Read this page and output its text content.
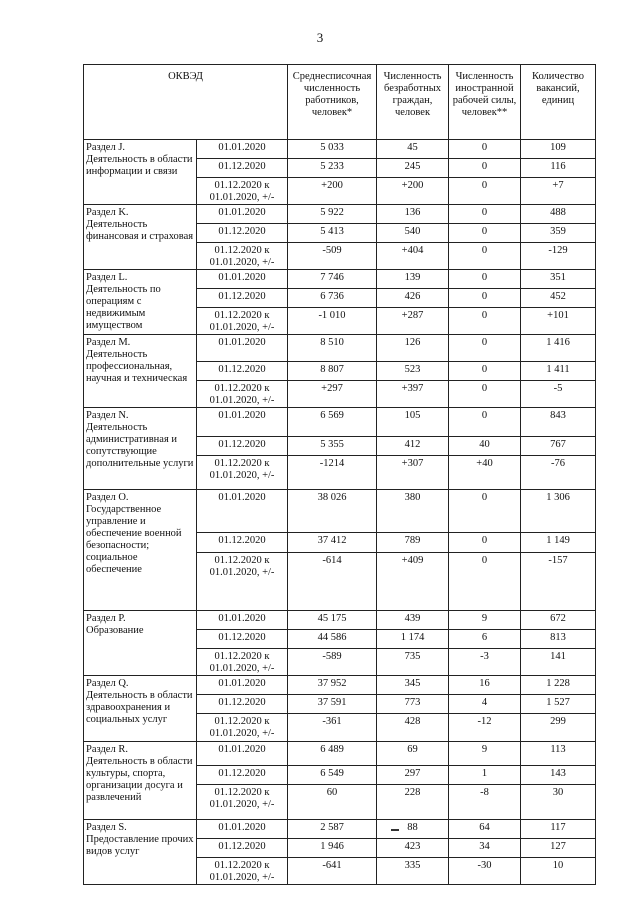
3
ОКВЭД		Среднесписочная численность работников, человек*	Численность безработных граждан, человек	Численность иностранной рабочей силы, человек**	Количество вакансий, единиц
Раздел J.
Деятельность в области информации и связи	01.01.2020	5 033	45	0	109
	01.12.2020	5 233	245	0	116
	01.12.2020 к 01.01.2020, +/-	+200	+200	0	+7
Раздел K.
Деятельность финансовая и страховая	01.01.2020	5 922	136	0	488
	01.12.2020	5 413	540	0	359
	01.12.2020 к 01.01.2020, +/-	-509	+404	0	-129
Раздел L.
Деятельность по операциям с недвижимым имуществом	01.01.2020	7 746	139	0	351
	01.12.2020	6 736	426	0	452
	01.12.2020 к 01.01.2020, +/-	-1 010	+287	0	+101
Раздел M.
Деятельность профессиональная, научная и техническая	01.01.2020	8 510	126	0	1 416
	01.12.2020	8 807	523	0	1 411
	01.12.2020 к 01.01.2020, +/-	+297	+397	0	-5
Раздел N.
Деятельность административная и сопутствующие дополнительные услуги	01.01.2020	6 569	105	0	843
	01.12.2020	5 355	412	40	767
	01.12.2020 к 01.01.2020, +/-	-1214	+307	+40	-76
Раздел O.
Государственное управление и обеспечение военной безопасности; социальное обеспечение	01.01.2020	38 026	380	0	1 306
	01.12.2020	37 412	789	0	1 149
	01.12.2020 к 01.01.2020, +/-	-614	+409	0	-157
Раздел P.
Образование	01.01.2020	45 175	439	9	672
	01.12.2020	44 586	1 174	6	813
	01.12.2020 к 01.01.2020, +/-	-589	735	-3	141
Раздел Q.
Деятельность в области здравоохранения и социальных услуг	01.01.2020	37 952	345	16	1 228
	01.12.2020	37 591	773	4	1 527
	01.12.2020 к 01.01.2020, +/-	-361	428	-12	299
Раздел R.
Деятельность в области культуры, спорта, организации досуга и развлечений	01.01.2020	6 489	69	9	113
	01.12.2020	6 549	297	1	143
	01.12.2020 к 01.01.2020, +/-	60	228	-8	30
Раздел S.
Предоставление прочих видов услуг	01.01.2020	2 587	88	64	117
	01.12.2020	1 946	423	34	127
	01.12.2020 к 01.01.2020, +/-	-641	335	-30	10
